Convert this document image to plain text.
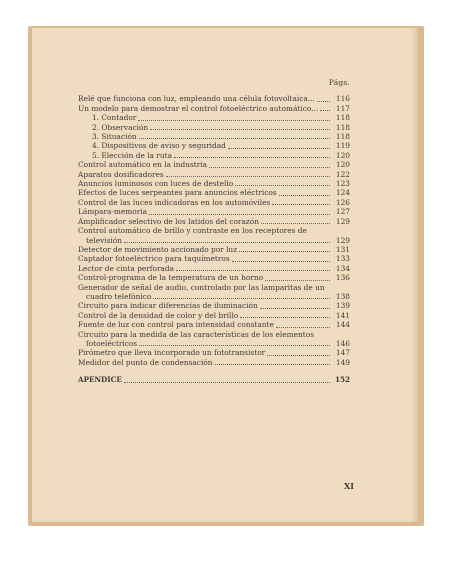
Págs.
Relé que funciona con luz, empleando una célula fotovoltaica...	116
Un modelo para demostrar el control fotoeléctrico automático...	117
1. Contador	118
2. Observación	118
3. Situación	118
4. Dispositivos de aviso y seguridad	119
5. Elección de la ruta	120
Control automático en la industria	120
Aparatos dosificadores	122
Anuncios luminosos con luces de destello	123
Efectos de luces serpeantes para anuncios eléctricos	124
Control de las luces indicadoras en los automóviles	126
Lámpara-memoria	127
Amplificador selectivo de los latidos del corazón	129
Control automático de brillo y contraste en los receptores de
televisión	129
Detector de movimiento accionado por luz	131
Captador fotoeléctrico para taquímetros	133
Lector de cinta perforada	134
Control-programa de la temperatura de un horno	136
Generador de señal de audio, controlado por las lamparitas de un
cuadro telefónico	138
Circuito para indicar diferencias de iluminación	139
Control de la densidad de color y del brillo	141
Fuente de luz con control para intensidad constante	144
Circuito para la medida de las características de los elementos
fotoeléctricos	146
Pirómetro que lleva incorporado un fototransistor	147
Medidor del punto de condensación	149
APENDICE	152
XI
